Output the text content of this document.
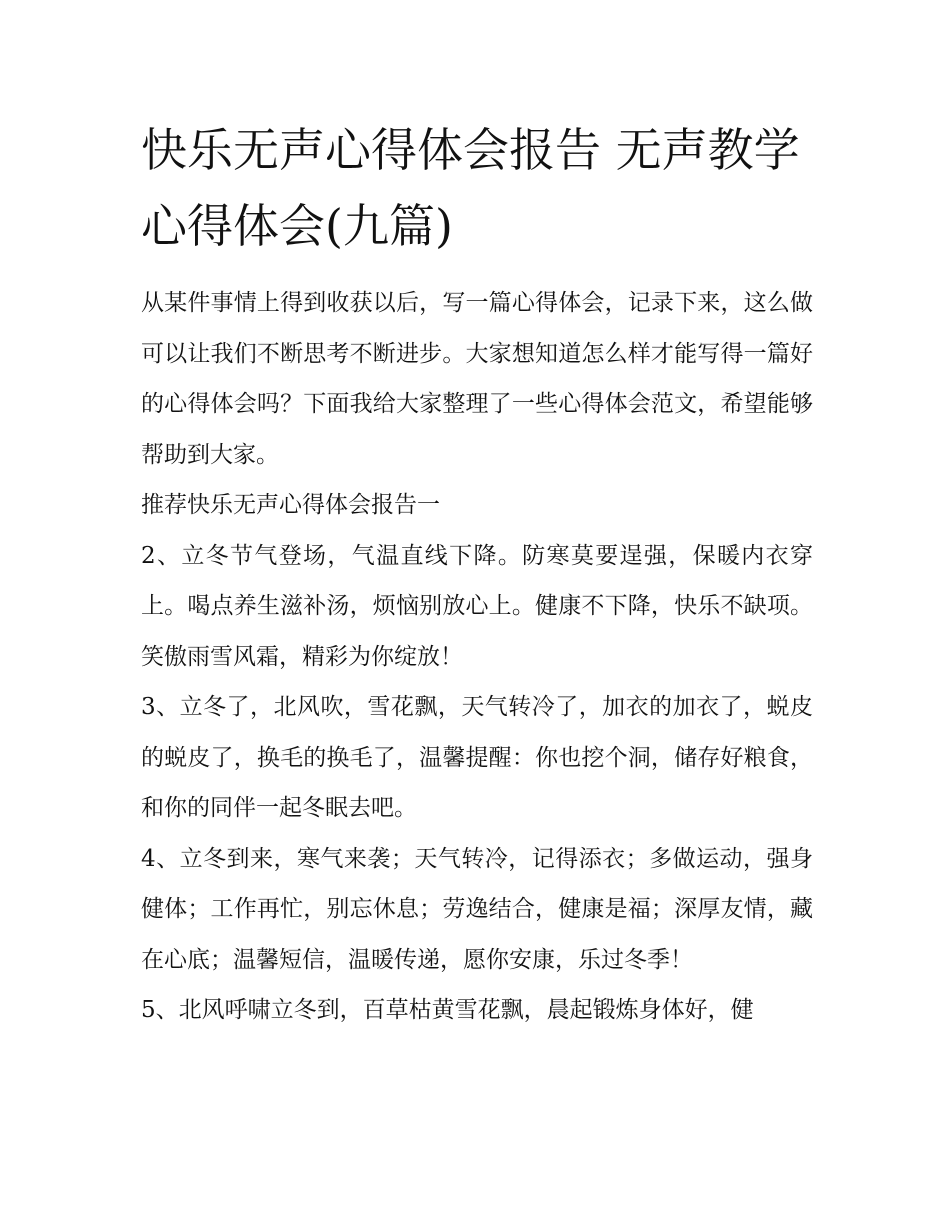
快乐无声心得体会报告 无声教学心得体会(九篇)

从某件事情上得到收获以后，写一篇心得体会，记录下来，这么做可以让我们不断思考不断进步。大家想知道怎么样才能写得一篇好的心得体会吗？下面我给大家整理了一些心得体会范文，希望能够帮助到大家。

推荐快乐无声心得体会报告一

2、立冬节气登场，气温直线下降。防寒莫要逞强，保暖内衣穿上。喝点养生滋补汤，烦恼别放心上。健康不下降，快乐不缺项。笑傲雨雪风霜，精彩为你绽放！

3、立冬了，北风吹，雪花飘，天气转冷了，加衣的加衣了，蜕皮的蜕皮了，换毛的换毛了，温馨提醒：你也挖个洞，储存好粮食，和你的同伴一起冬眠去吧。

4、立冬到来，寒气来袭；天气转冷，记得添衣；多做运动，强身健体；工作再忙，别忘休息；劳逸结合，健康是福；深厚友情，藏在心底；温馨短信，温暖传递，愿你安康，乐过冬季！

5、北风呼啸立冬到，百草枯黄雪花飘，晨起锻炼身体好，健
